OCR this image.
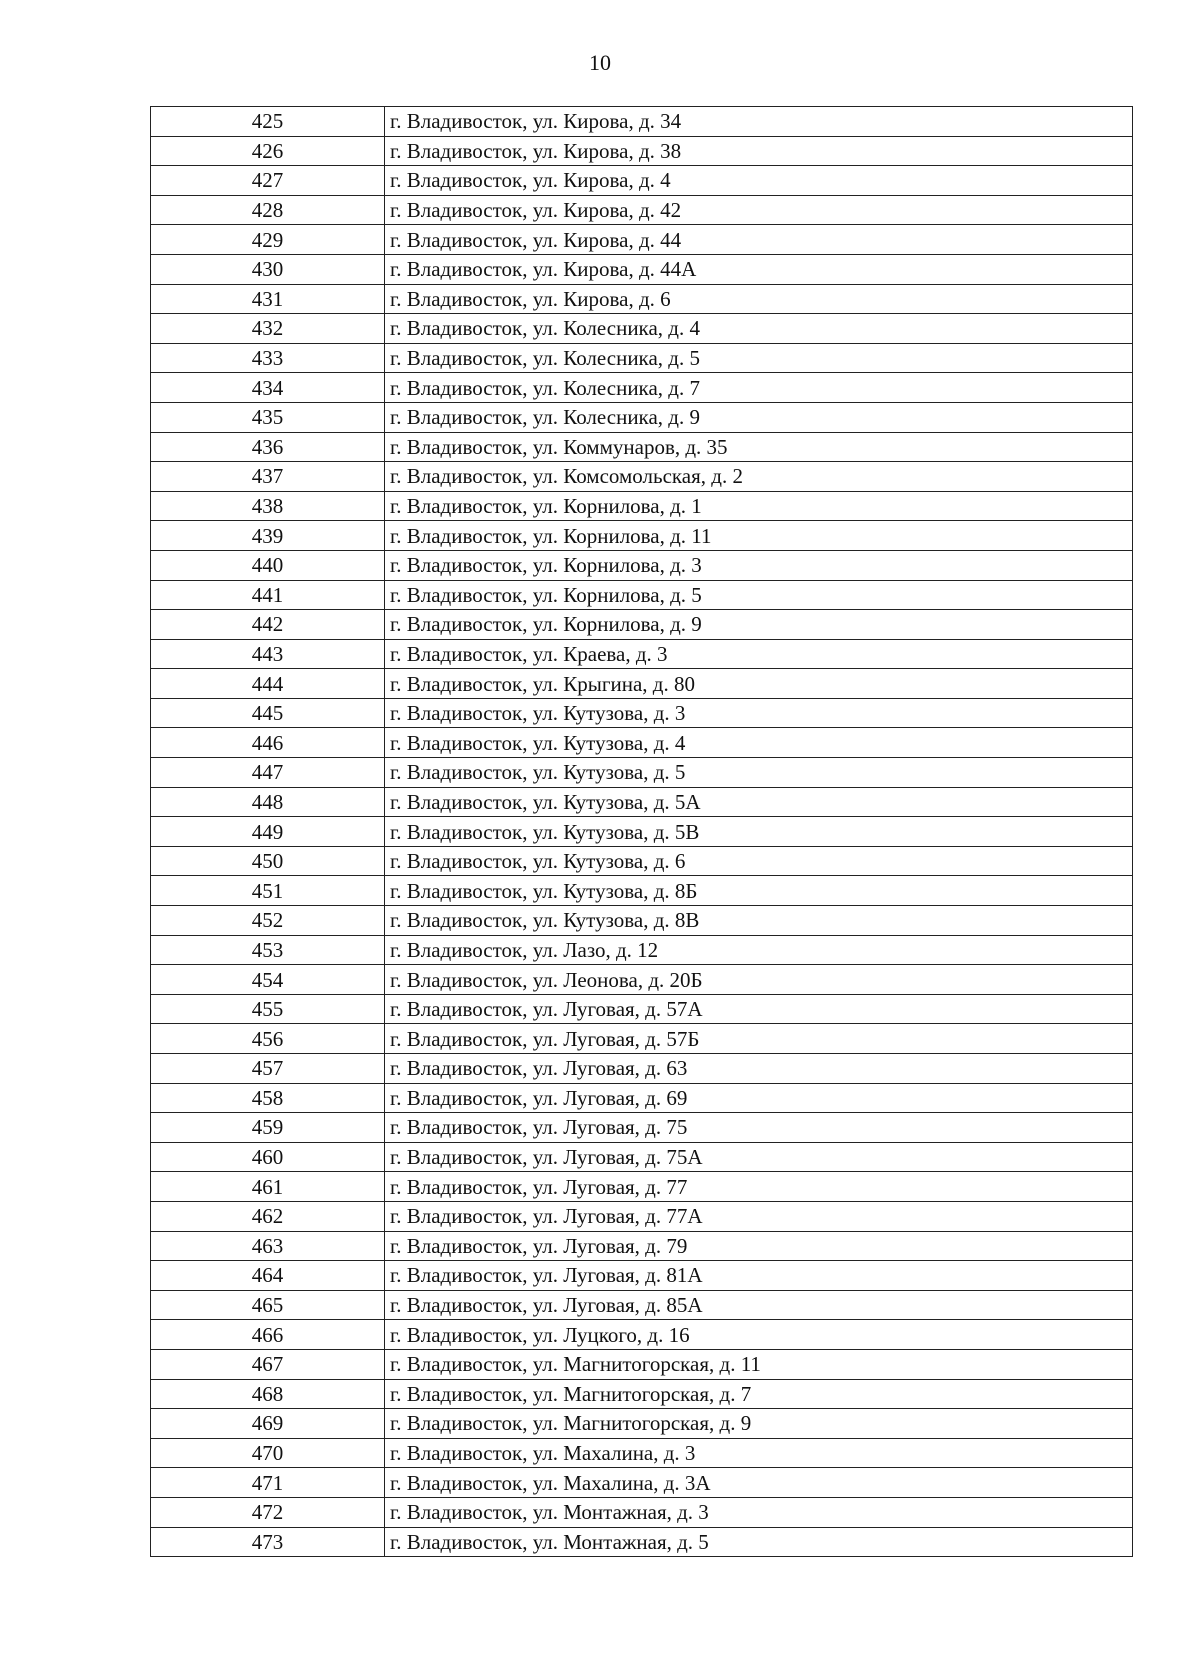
10
425	г. Владивосток, ул. Кирова, д. 34
426	г. Владивосток, ул. Кирова, д. 38
427	г. Владивосток, ул. Кирова, д. 4
428	г. Владивосток, ул. Кирова, д. 42
429	г. Владивосток, ул. Кирова, д. 44
430	г. Владивосток, ул. Кирова, д. 44А
431	г. Владивосток, ул. Кирова, д. 6
432	г. Владивосток, ул. Колесника, д. 4
433	г. Владивосток, ул. Колесника, д. 5
434	г. Владивосток, ул. Колесника, д. 7
435	г. Владивосток, ул. Колесника, д. 9
436	г. Владивосток, ул. Коммунаров, д. 35
437	г. Владивосток, ул. Комсомольская, д. 2
438	г. Владивосток, ул. Корнилова, д. 1
439	г. Владивосток, ул. Корнилова, д. 11
440	г. Владивосток, ул. Корнилова, д. 3
441	г. Владивосток, ул. Корнилова, д. 5
442	г. Владивосток, ул. Корнилова, д. 9
443	г. Владивосток, ул. Краева, д. 3
444	г. Владивосток, ул. Крыгина, д. 80
445	г. Владивосток, ул. Кутузова, д. 3
446	г. Владивосток, ул. Кутузова, д. 4
447	г. Владивосток, ул. Кутузова, д. 5
448	г. Владивосток, ул. Кутузова, д. 5А
449	г. Владивосток, ул. Кутузова, д. 5В
450	г. Владивосток, ул. Кутузова, д. 6
451	г. Владивосток, ул. Кутузова, д. 8Б
452	г. Владивосток, ул. Кутузова, д. 8В
453	г. Владивосток, ул. Лазо, д. 12
454	г. Владивосток, ул. Леонова, д. 20Б
455	г. Владивосток, ул. Луговая, д. 57А
456	г. Владивосток, ул. Луговая, д. 57Б
457	г. Владивосток, ул. Луговая, д. 63
458	г. Владивосток, ул. Луговая, д. 69
459	г. Владивосток, ул. Луговая, д. 75
460	г. Владивосток, ул. Луговая, д. 75А
461	г. Владивосток, ул. Луговая, д. 77
462	г. Владивосток, ул. Луговая, д. 77А
463	г. Владивосток, ул. Луговая, д. 79
464	г. Владивосток, ул. Луговая, д. 81А
465	г. Владивосток, ул. Луговая, д. 85А
466	г. Владивосток, ул. Луцкого, д. 16
467	г. Владивосток, ул. Магнитогорская, д. 11
468	г. Владивосток, ул. Магнитогорская, д. 7
469	г. Владивосток, ул. Магнитогорская, д. 9
470	г. Владивосток, ул. Махалина, д. 3
471	г. Владивосток, ул. Махалина, д. 3А
472	г. Владивосток, ул. Монтажная, д. 3
473	г. Владивосток, ул. Монтажная, д. 5
